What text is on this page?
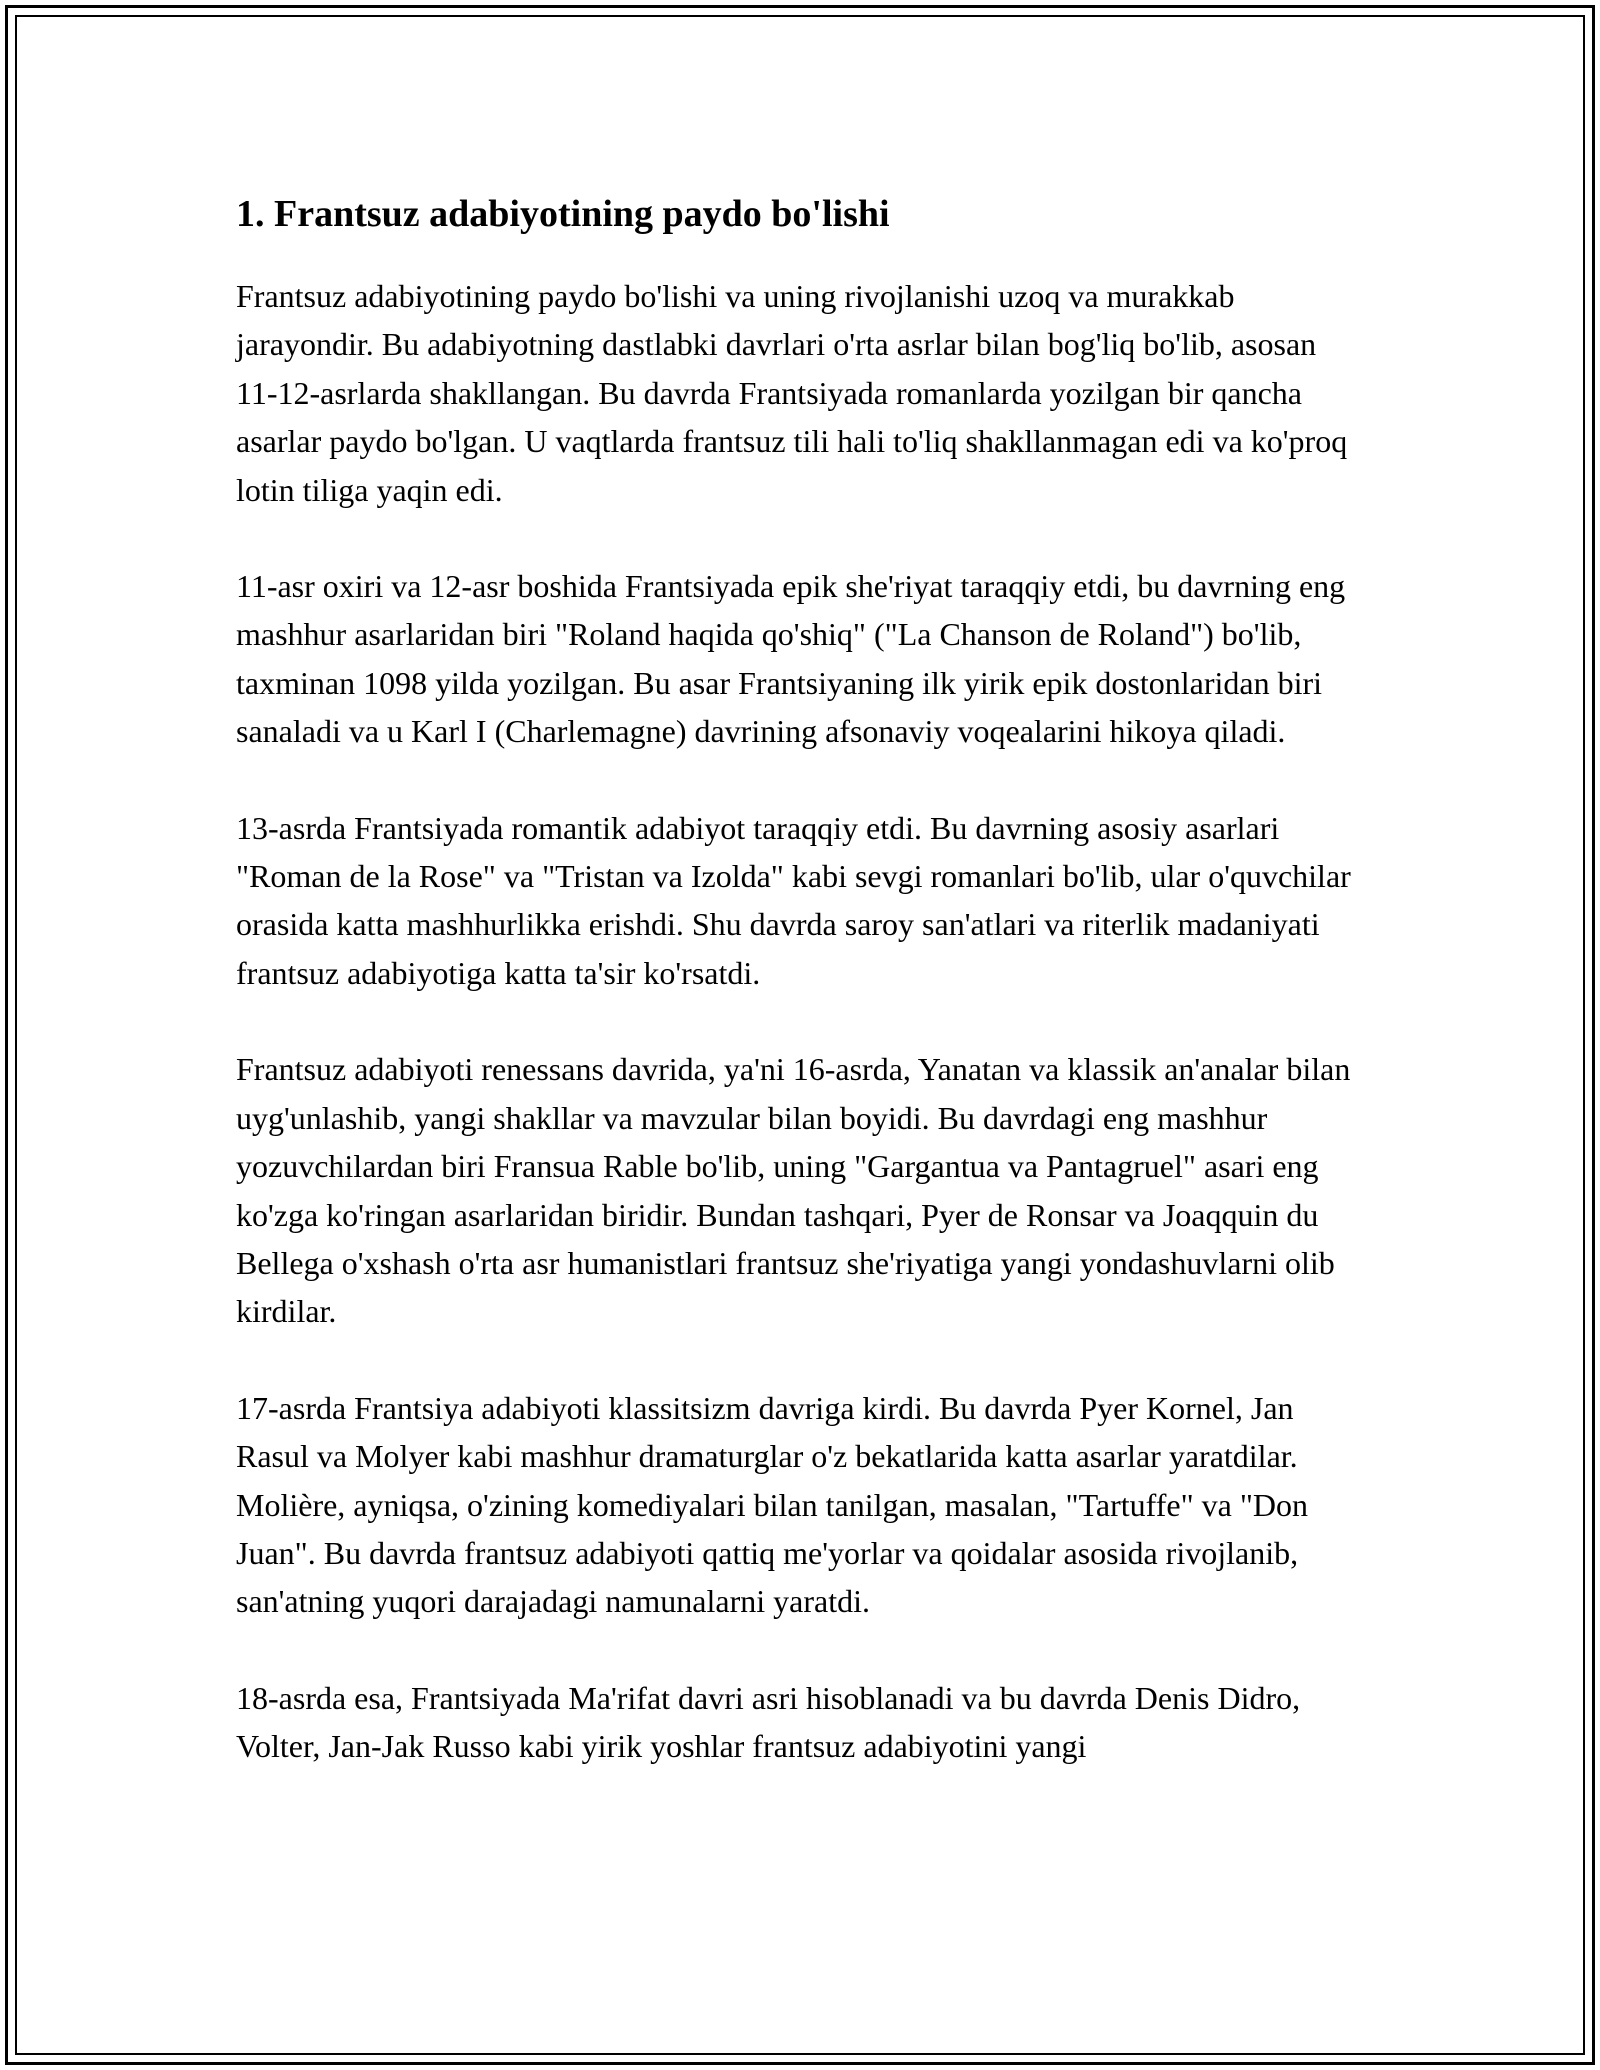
1. Frantsuz adabiyotining paydo bo'lishi

Frantsuz adabiyotining paydo bo'lishi va uning rivojlanishi uzoq va murakkab jarayondir. Bu adabiyotning dastlabki davrlari o'rta asrlar bilan bog'liq bo'lib, asosan 11-12-asrlarda shakllangan. Bu davrda Frantsiyada romanlarda yozilgan bir qancha asarlar paydo bo'lgan. U vaqtlarda frantsuz tili hali to'liq shakllanmagan edi va ko'proq lotin tiliga yaqin edi.

11-asr oxiri va 12-asr boshida Frantsiyada epik she'riyat taraqqiy etdi, bu davrning eng mashhur asarlaridan biri "Roland haqida qo'shiq" ("La Chanson de Roland") bo'lib, taxminan 1098 yilda yozilgan. Bu asar Frantsiyaning ilk yirik epik dostonlaridan biri sanaladi va u Karl I (Charlemagne) davrining afsonaviy voqealarini hikoya qiladi.

13-asrda Frantsiyada romantik adabiyot taraqqiy etdi. Bu davrning asosiy asarlari "Roman de la Rose" va "Tristan va Izolda" kabi sevgi romanlari bo'lib, ular o'quvchilar orasida katta mashhurlikka erishdi. Shu davrda saroy san'atlari va riterlik madaniyati frantsuz adabiyotiga katta ta'sir ko'rsatdi.

Frantsuz adabiyoti renessans davrida, ya'ni 16-asrda, Yanatan va klassik an'analar bilan uyg'unlashib, yangi shakllar va mavzular bilan boyidi. Bu davrdagi eng mashhur yozuvchilardan biri Fransua Rable bo'lib, uning "Gargantua va Pantagruel" asari eng ko'zga ko'ringan asarlaridan biridir. Bundan tashqari, Pyer de Ronsar va Joaqquin du Bellega o'xshash o'rta asr humanistlari frantsuz she'riyatiga yangi yondashuvlarni olib kirdilar.

17-asrda Frantsiya adabiyoti klassitsizm davriga kirdi. Bu davrda Pyer Kornel, Jan Rasul va Molyer kabi mashhur dramaturglar o'z bekatlarida katta asarlar yaratdilar. Molière, ayniqsa, o'zining komediyalari bilan tanilgan, masalan, "Tartuffe" va "Don Juan". Bu davrda frantsuz adabiyoti qattiq me'yorlar va qoidalar asosida rivojlanib, san'atning yuqori darajadagi namunalarni yaratdi.

18-asrda esa, Frantsiyada Ma'rifat davri asri hisoblanadi va bu davrda Denis Didro, Volter, Jan-Jak Russo kabi yirik yoshlar frantsuz adabiyotini yangi
